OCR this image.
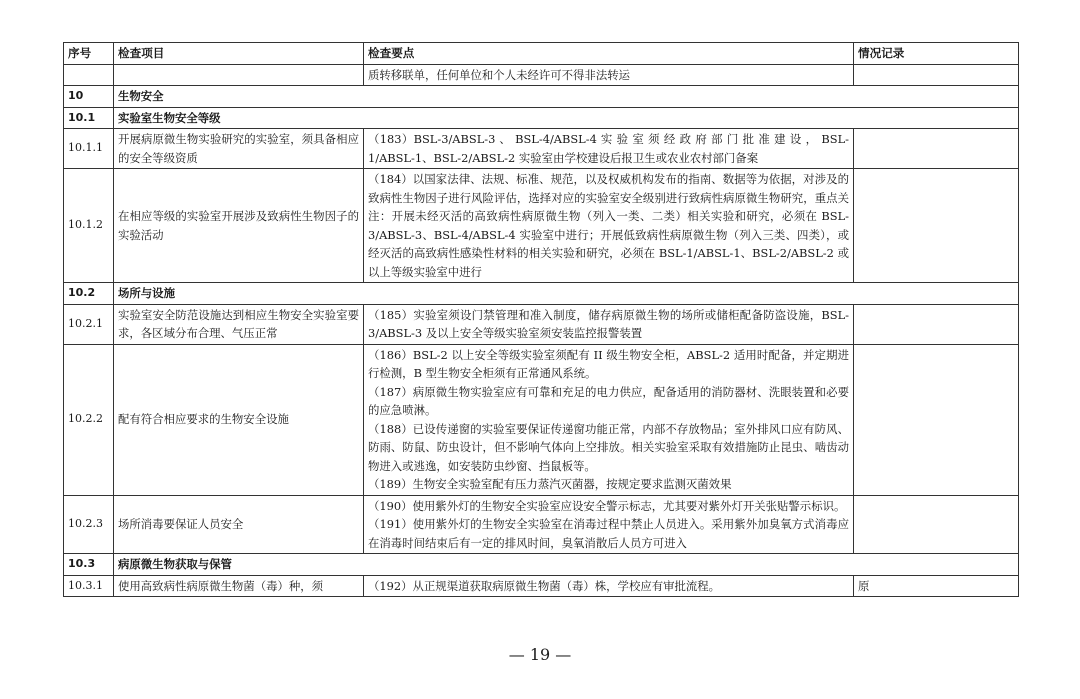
序号	检查项目	检查要点	情况记录

		质转移联单，任何单位和个人未经许可不得非法转运	

10	生物安全		
10.1	实验室生物安全等级		
10.1.1	开展病原微生物实验研究的实验室，须具备相应的安全等级资质	（183）BSL-3/ABSL-3 、 BSL-4/ABSL-4 实 验 室 须 经 政 府 部 门 批 准 建 设 ， BSL-1/ABSL-1、BSL-2/ABSL-2 实验室由学校建设后报卫生或农业农村部门备案	

10.1.2	在相应等级的实验室开展涉及致病性生物因子的实验活动	（184）以国家法律、法规、标准、规范，以及权威机构发布的指南、数据等为依据，对涉及的致病性生物因子进行风险评估，选择对应的实验室安全级别进行致病性病原微生物研究，重点关注：开展未经灭活的高致病性病原微生物（列入一类、二类）相关实验和研究，必须在 BSL-3/ABSL-3、BSL-4/ABSL-4 实验室中进行；开展低致病性病原微生物（列入三类、四类），或经灭活的高致病性感染性材料的相关实验和研究，必须在 BSL-1/ABSL-1、BSL-2/ABSL-2 或以上等级实验室中进行	

10.2	场所与设施		
10.2.1	实验室安全防范设施达到相应生物安全实验室要求，各区域分布合理、气压正常	（185）实验室须设门禁管理和准入制度，储存病原微生物的场所或储柜配备防盗设施，BSL-3/ABSL-3 及以上安全等级实验室须安装监控报警装置	

10.2.2	配有符合相应要求的生物安全设施	（186）BSL-2 以上安全等级实验室须配有 II 级生物安全柜，ABSL-2 适用时配备，并定期进行检测，B 型生物安全柜须有正常通风系统。

（187）病原微生物实验室应有可靠和充足的电力供应，配备适用的消防器材、洗眼装置和必要的应急喷淋。

（188）已设传递窗的实验室要保证传递窗功能正常，内部不存放物品；室外排风口应有防风、防雨、防鼠、防虫设计，但不影响气体向上空排放。相关实验室采取有效措施防止昆虫、啮齿动物进入或逃逸，如安装防虫纱窗、挡鼠板等。

（189）生物安全实验室配有压力蒸汽灭菌器，按规定要求监测灭菌效果	

10.2.3	场所消毒要保证人员安全	（190）使用紫外灯的生物安全实验室应设安全警示标志，尤其要对紫外灯开关张贴警示标识。

（191）使用紫外灯的生物安全实验室在消毒过程中禁止人员进入。采用紫外加臭氧方式消毒应在消毒时间结束后有一定的排风时间，臭氧消散后人员方可进入	

10.3	病原微生物获取与保管		
10.3.1	使用高致病性病原微生物菌（毒）种，须	（192）从正规渠道获取病原微生物菌（毒）株，学校应有审批流程。	原
— 19 —
